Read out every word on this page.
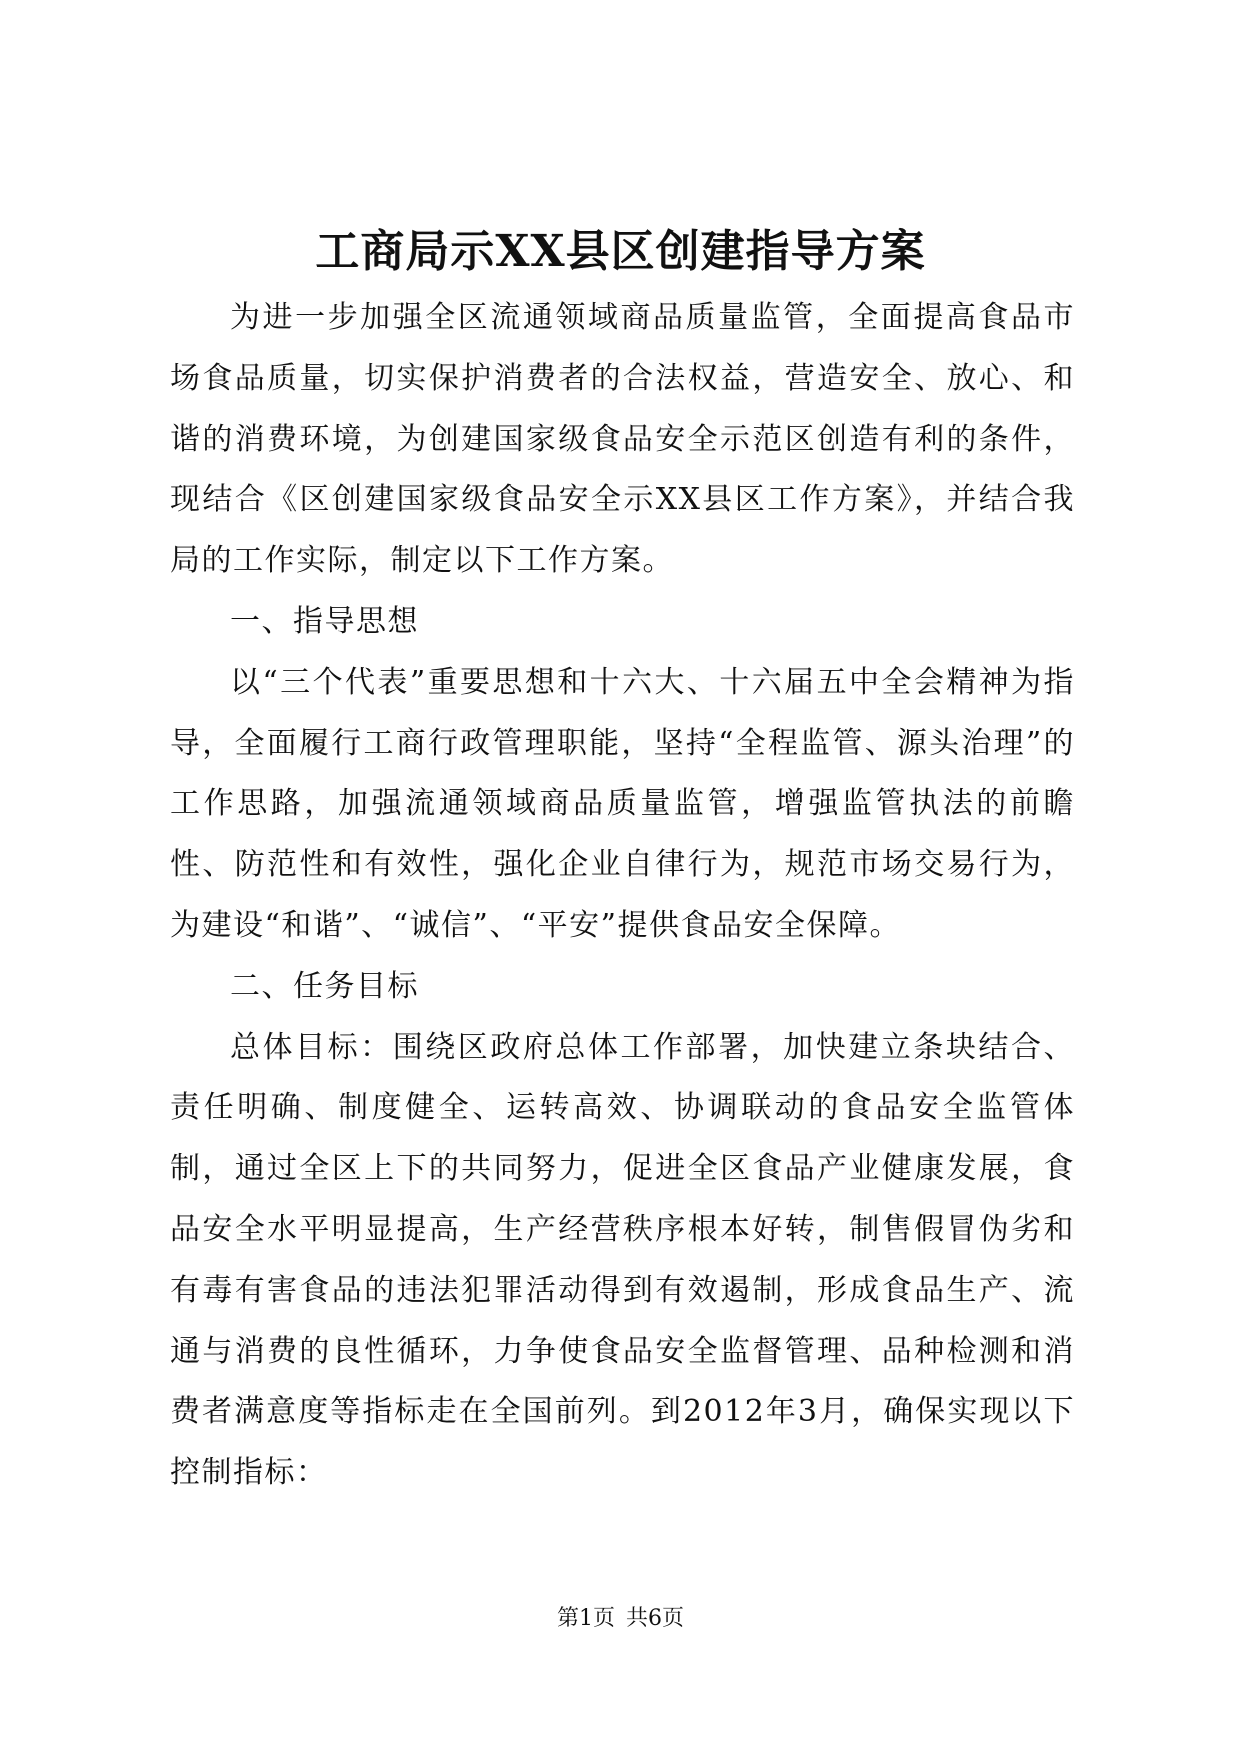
工商局示XX县区创建指导方案

为进一步加强全区流通领域商品质量监管，全面提高食品市场食品质量，切实保护消费者的合法权益，营造安全、放心、和谐的消费环境，为创建国家级食品安全示范区创造有利的条件，现结合《区创建国家级食品安全示XX县区工作方案》，并结合我局的工作实际，制定以下工作方案。

一、指导思想

以“三个代表”重要思想和十六大、十六届五中全会精神为指导，全面履行工商行政管理职能，坚持“全程监管、源头治理”的工作思路，加强流通领域商品质量监管，增强监管执法的前瞻性、防范性和有效性，强化企业自律行为，规范市场交易行为，为建设“和谐”、“诚信”、“平安”提供食品安全保障。

二、任务目标

总体目标：围绕区政府总体工作部署，加快建立条块结合、责任明确、制度健全、运转高效、协调联动的食品安全监管体制，通过全区上下的共同努力，促进全区食品产业健康发展，食品安全水平明显提高，生产经营秩序根本好转，制售假冒伪劣和有毒有害食品的违法犯罪活动得到有效遏制，形成食品生产、流通与消费的良性循环，力争使食品安全监督管理、品种检测和消费者满意度等指标走在全国前列。到2012年3月，确保实现以下控制指标：

第1页 共6页
